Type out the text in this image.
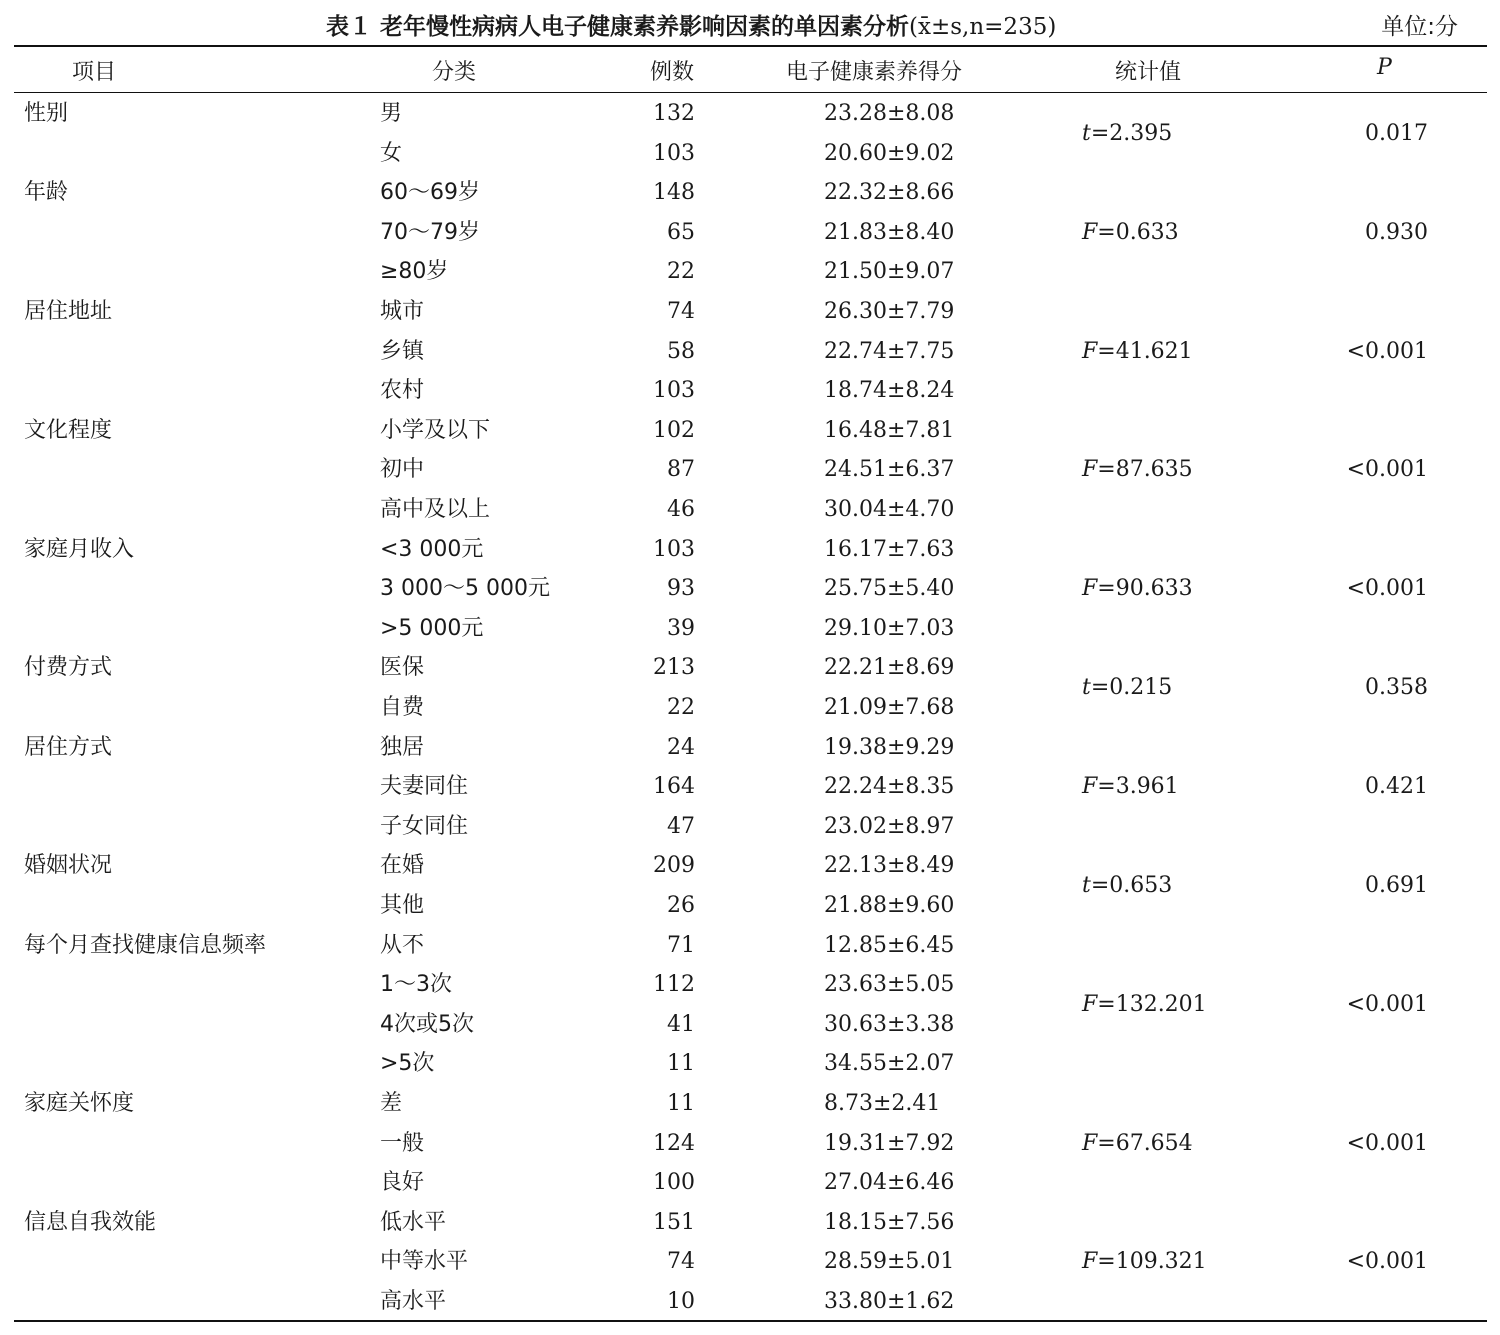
表１ 老年慢性病病人电子健康素养影响因素的单因素分析(x̄±s,n=235)	单位:分
项目	分类	例数	电子健康素养得分	统计值	P
性别	男	132	23.28±8.08
女	103	20.60±9.02
t=2.395	0.017
年龄	60～69岁	148	22.32±8.66
70～79岁	65	21.83±8.40
≥80岁	22	21.50±9.07
F=0.633	0.930
居住地址	城市	74	26.30±7.79
乡镇	58	22.74±7.75
农村	103	18.74±8.24
F=41.621	<0.001
文化程度	小学及以下	102	16.48±7.81
初中	87	24.51±6.37
高中及以上	46	30.04±4.70
F=87.635	<0.001
家庭月收入	<3 000元	103	16.17±7.63
3 000～5 000元	93	25.75±5.40
>5 000元	39	29.10±7.03
F=90.633	<0.001
付费方式	医保	213	22.21±8.69
自费	22	21.09±7.68
t=0.215	0.358
居住方式	独居	24	19.38±9.29
夫妻同住	164	22.24±8.35
子女同住	47	23.02±8.97
F=3.961	0.421
婚姻状况	在婚	209	22.13±8.49
其他	26	21.88±9.60
t=0.653	0.691
每个月查找健康信息频率	从不	71	12.85±6.45
1～3次	112	23.63±5.05
4次或5次	41	30.63±3.38
>5次	11	34.55±2.07
F=132.201	<0.001
家庭关怀度	差	11	8.73±2.41
一般	124	19.31±7.92
良好	100	27.04±6.46
F=67.654	<0.001
信息自我效能	低水平	151	18.15±7.56
中等水平	74	28.59±5.01
高水平	10	33.80±1.62
F=109.321	<0.001
